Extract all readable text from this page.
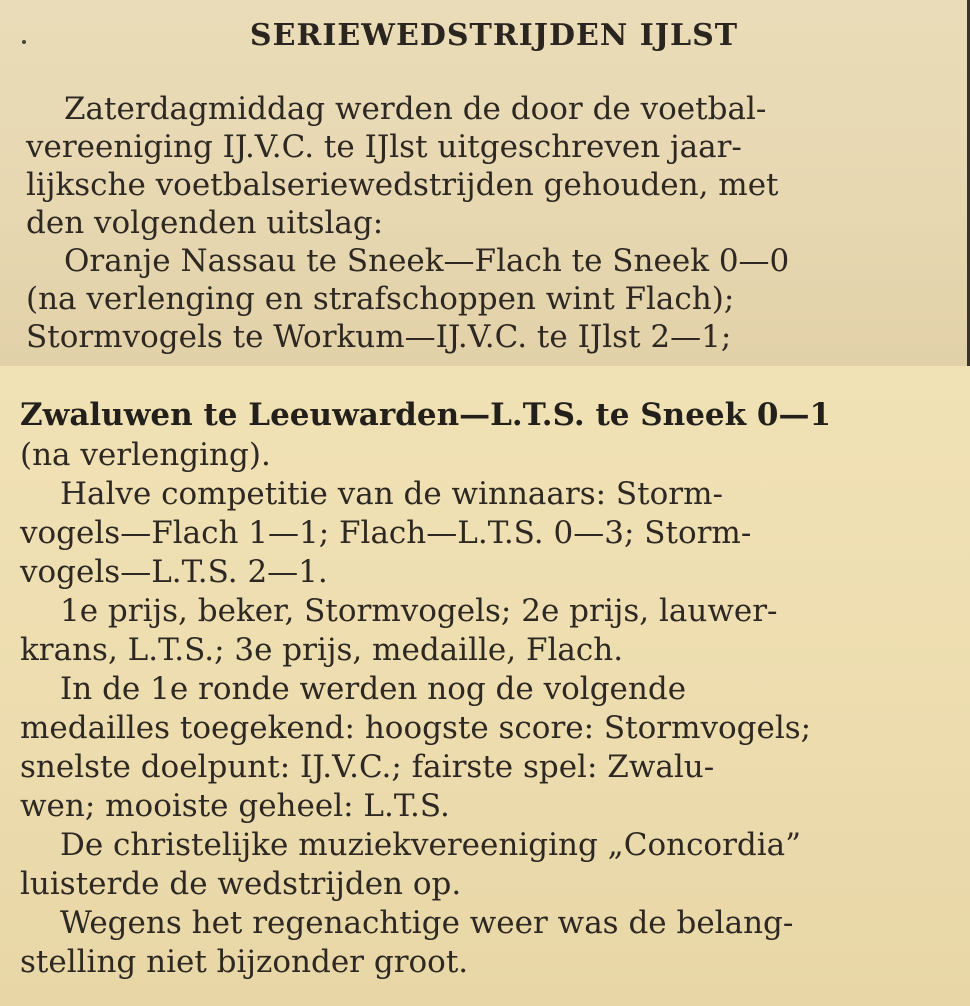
SERIEWEDSTRIJDEN IJLST
Zaterdagmiddag werden de door de voetbal-
vereeniging IJ.V.C. te IJlst uitgeschreven jaar-
lijksche voetbalseriewedstrijden gehouden, met
den volgenden uitslag:
Oranje Nassau te Sneek—Flach te Sneek 0—0
(na verlenging en strafschoppen wint Flach);
Stormvogels te Workum—IJ.V.C. te IJlst 2—1;
Zwaluwen te Leeuwarden—L.T.S. te Sneek 0—1
(na verlenging).
Halve competitie van de winnaars: Storm-
vogels—Flach 1—1; Flach—L.T.S. 0—3; Storm-
vogels—L.T.S. 2—1.
1e prijs, beker, Stormvogels; 2e prijs, lauwer-
krans, L.T.S.; 3e prijs, medaille, Flach.
In de 1e ronde werden nog de volgende
medailles toegekend: hoogste score: Stormvogels;
snelste doelpunt: IJ.V.C.; fairste spel: Zwalu-
wen; mooiste geheel: L.T.S.
De christelijke muziekvereeniging „Concordia”
luisterde de wedstrijden op.
Wegens het regenachtige weer was de belang-
stelling niet bijzonder groot.
